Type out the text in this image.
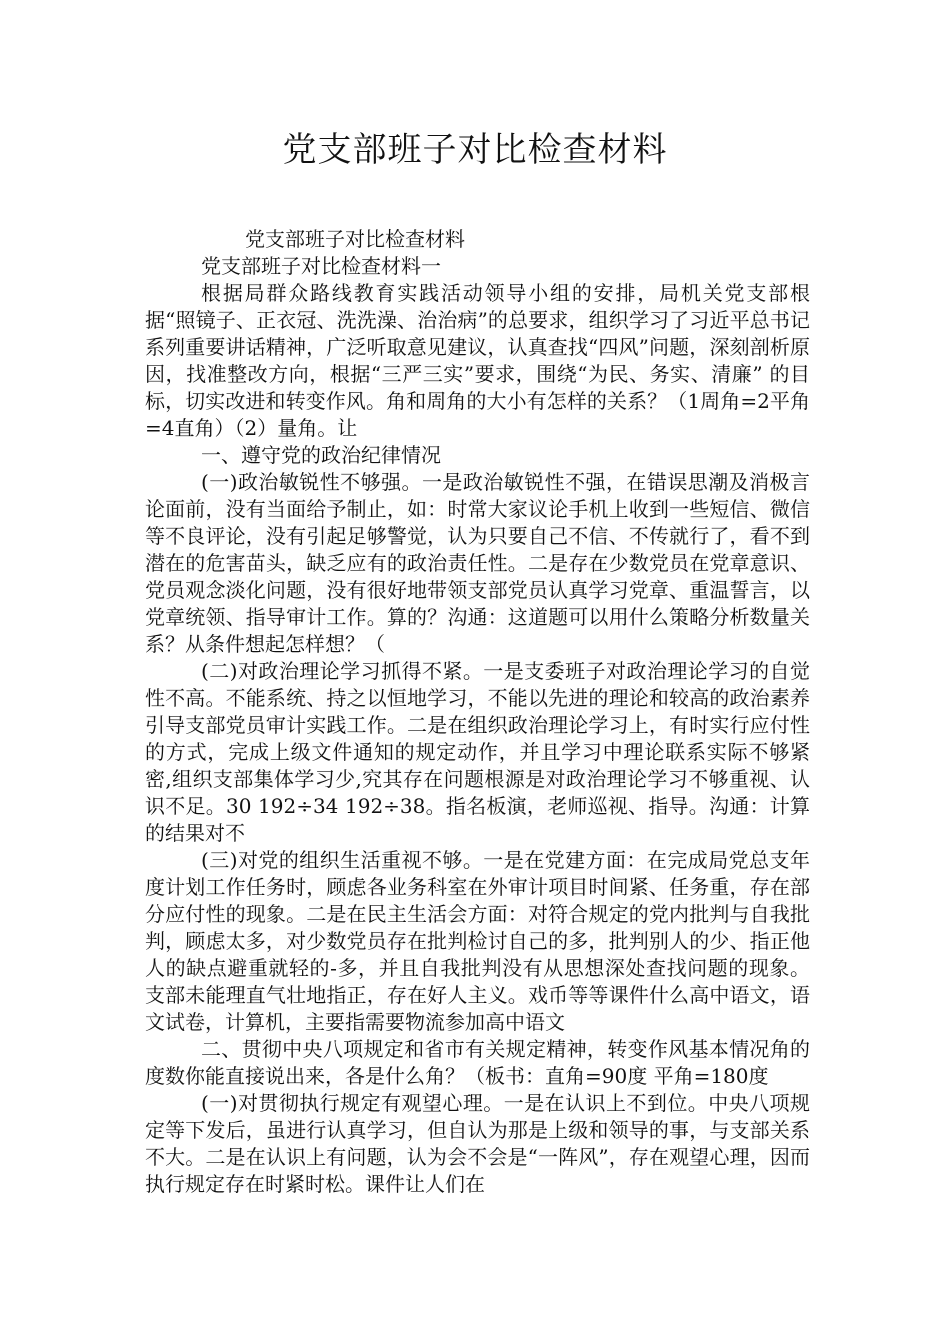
党支部班子对比检查材料

党支部班子对比检查材料

党支部班子对比检查材料一

根据局群众路线教育实践活动领导小组的安排，局机关党支部根据“照镜子、正衣冠、洗洗澡、治治病”的总要求，组织学习了习近平总书记系列重要讲话精神，广泛听取意见建议，认真查找“四风”问题，深刻剖析原因，找准整改方向，根据“三严三实”要求，围绕“为民、务实、清廉” 的目标，切实改进和转变作风。角和周角的大小有怎样的关系？（1周角=2平角=4直角）（2）量角。让

一、遵守党的政治纪律情况

(一)政治敏锐性不够强。一是政治敏锐性不强，在错误思潮及消极言论面前，没有当面给予制止，如：时常大家议论手机上收到一些短信、微信等不良评论，没有引起足够警觉，认为只要自己不信、不传就行了，看不到潜在的危害苗头，缺乏应有的政治责任性。二是存在少数党员在党章意识、党员观念淡化问题，没有很好地带领支部党员认真学习党章、重温誓言，以党章统领、指导审计工作。算的？沟通：这道题可以用什么策略分析数量关系？从条件想起怎样想？（

(二)对政治理论学习抓得不紧。一是支委班子对政治理论学习的自觉性不高。不能系统、持之以恒地学习，不能以先进的理论和较高的政治素养引导支部党员审计实践工作。二是在组织政治理论学习上，有时实行应付性的方式，完成上级文件通知的规定动作，并且学习中理论联系实际不够紧密,组织支部集体学习少,究其存在问题根源是对政治理论学习不够重视、认识不足。30 192÷34 192÷38。指名板演，老师巡视、指导。沟通：计算的结果对不

(三)对党的组织生活重视不够。一是在党建方面：在完成局党总支年度计划工作任务时，顾虑各业务科室在外审计项目时间紧、任务重，存在部分应付性的现象。二是在民主生活会方面：对符合规定的党内批判与自我批判，顾虑太多，对少数党员存在批判检讨自己的多，批判别人的少、指正他人的缺点避重就轻的-多，并且自我批判没有从思想深处查找问题的现象。支部未能理直气壮地指正，存在好人主义。戏币等等课件什么高中语文，语文试卷，计算机，主要指需要物流参加高中语文

二、贯彻中央八项规定和省市有关规定精神，转变作风基本情况角的度数你能直接说出来，各是什么角？（板书：直角=90度 平角=180度

(一)对贯彻执行规定有观望心理。一是在认识上不到位。中央八项规定等下发后，虽进行认真学习，但自认为那是上级和领导的事，与支部关系不大。二是在认识上有问题，认为会不会是“一阵风”，存在观望心理，因而执行规定存在时紧时松。课件让人们在
